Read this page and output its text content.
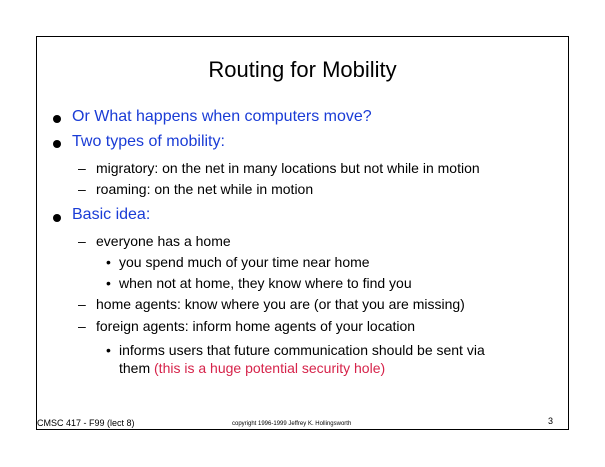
Routing for Mobility
Or What happens when computers move?
Two types of mobility:
– migratory: on the net in many locations but not while in motion
– roaming: on the net while in motion
Basic idea:
– everyone has a home
• you spend much of your time near home
• when not at home, they know where to find you
– home agents: know where you are (or that you are missing)
– foreign agents: inform home agents of your location
• informs users that future communication should be sent via
them (this is a huge potential security hole)
CMSC 417 - F99 (lect 8)	copyright 1996-1999 Jeffrey K. Hollingsworth	3
